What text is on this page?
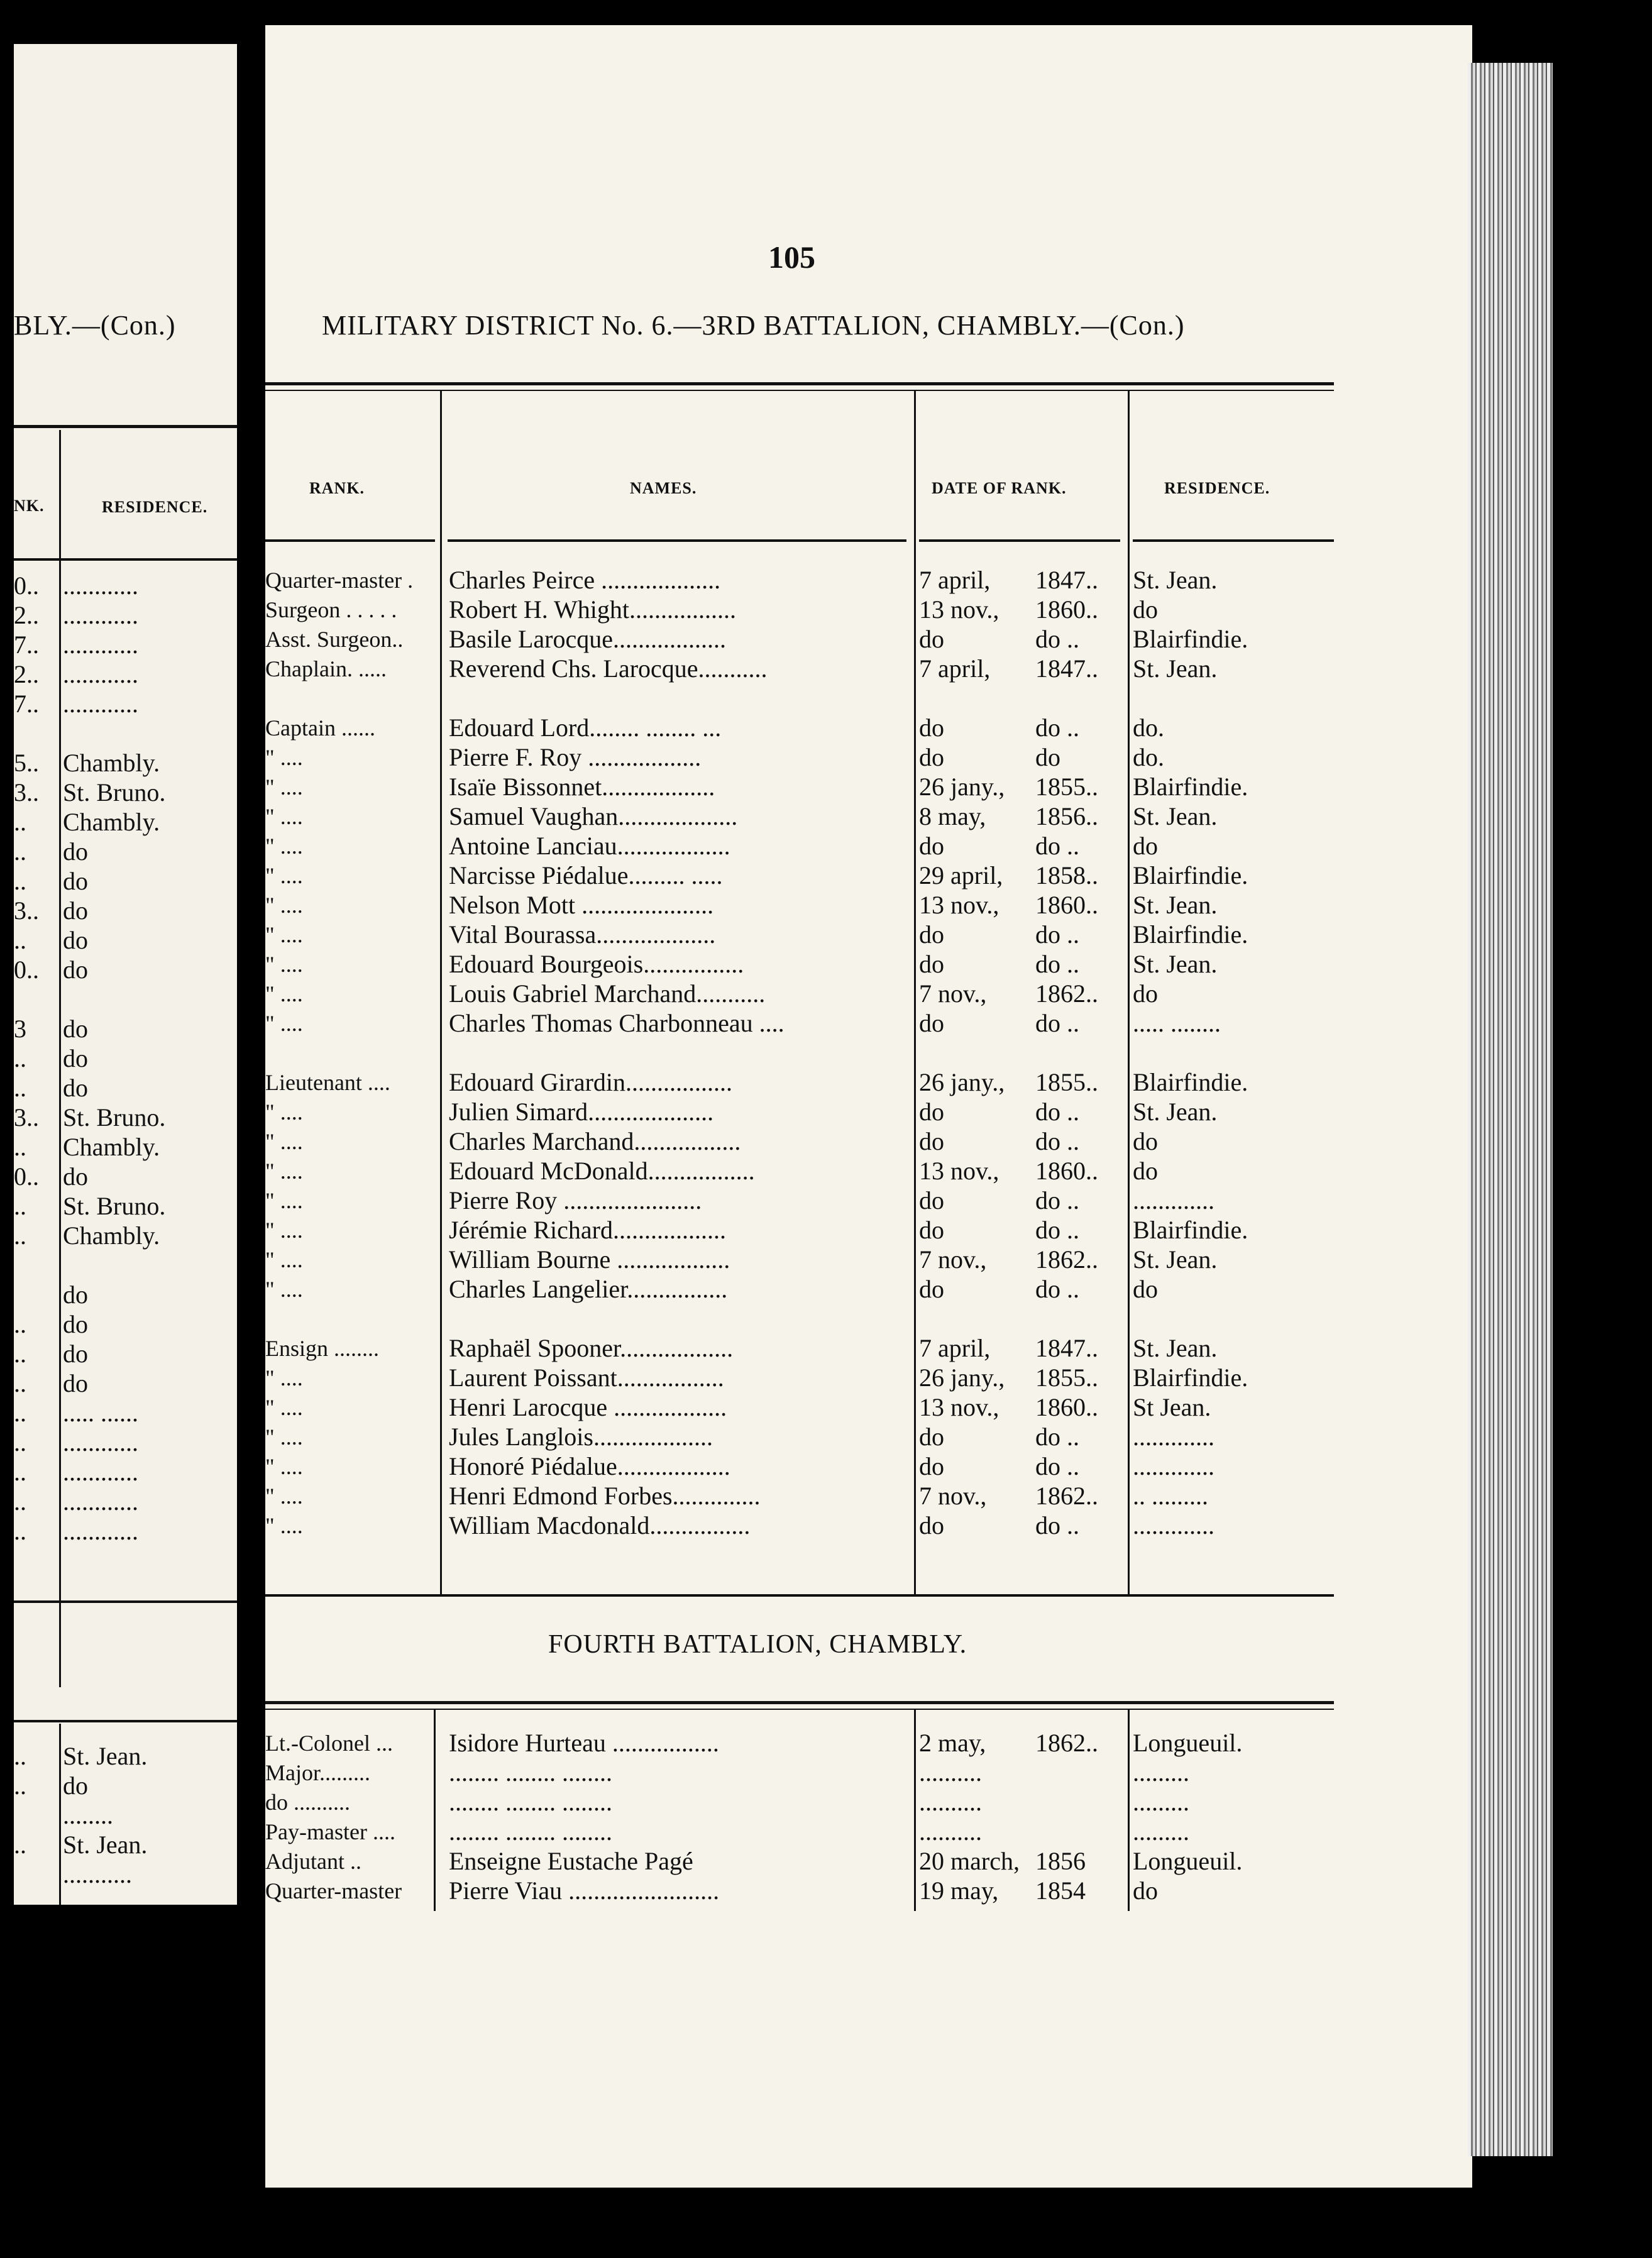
BLY.—(Con.)
NK.	RESIDENCE.
0.. ............
2.. ............
7.. ............
2.. ............
7.. ............
5.. Chambly.
3.. St. Bruno.
.. Chambly.
.. do
.. do
3.. do
.. do
0.. do
3 do
.. do
.. do
3.. St. Bruno.
.. Chambly.
0.. do
.. St. Bruno.
.. Chambly.
do
.. do
.. do
.. do
.. ..... ......
.. ............
.. ............
.. ............
.. ............
.. St. Jean.
.. do
........
.. St. Jean.
...........
105
MILITARY DISTRICT No. 6.—3RD BATTALION, CHAMBLY.—(Con.)
RANK.	NAMES.	DATE OF RANK.	RESIDENCE.
Quarter-master . Charles Peirce ...................	7 april, 1847.. St. Jean.
Surgeon . . . . . Robert H. Whight.................	13 nov., 1860.. do
Asst. Surgeon.. Basile Larocque..................	do	do .. Blairfindie.
Chaplain. ..... Reverend Chs. Larocque...........	7 april, 1847.. St. Jean.
Captain ......	Edouard Lord........ ........ ...	do	do .. do.
" ....	Pierre F. Roy ..................	do	do	do.
" ....	Isaïe Bissonnet..................	26 jany., 1855.. Blairfindie.
" ....	Samuel Vaughan...................	8 may, 1856.. St. Jean.
" ....	Antoine Lanciau..................	do	do .. do
" ....	Narcisse Piédalue......... .....	29 april, 1858.. Blairfindie.
" ....	Nelson Mott .....................	13 nov., 1860.. St. Jean.
" ....	Vital Bourassa...................	do	do .. Blairfindie.
" ....	Edouard Bourgeois................	do	do .. St. Jean.
" ....	Louis Gabriel Marchand...........	7 nov., 1862.. do
" ....	Charles Thomas Charbonneau ....	do	do .. ..... ........
Lieutenant .... Edouard Girardin.................	26 jany., 1855.. Blairfindie.
" ....	Julien Simard....................	do	do .. St. Jean.
" ....	Charles Marchand.................	do	do .. do
" ....	Edouard McDonald.................	13 nov., 1860.. do
" ....	Pierre Roy ......................	do	do .. .............
" ....	Jérémie Richard..................	do	do .. Blairfindie.
" ....	William Bourne ..................	7 nov., 1862.. St. Jean.
" ....	Charles Langelier................	do	do .. do
Ensign ........	Raphaël Spooner..................	7 april, 1847.. St. Jean.
" ....	Laurent Poissant.................	26 jany., 1855.. Blairfindie.
" ....	Henri Larocque ..................	13 nov., 1860.. St Jean.
" ....	Jules Langlois...................	do	do .. .............
" ....	Honoré Piédalue..................	do	do .. .............
" ....	Henri Edmond Forbes..............	7 nov., 1862.. .. .........
" ....	William Macdonald................	do	do .. .............
FOURTH BATTALION, CHAMBLY.
Lt.-Colonel ... Isidore Hurteau .................	2 may, 1862.. Longueuil.
Major.........	........ ........ ........	..........	.........
do ..........	........ ........ ........	..........	.........
Pay-master .... ........ ........ ........	..........	.........
Adjutant ..	Enseigne Eustache Pagé	20 march, 1856 Longueuil.
Quarter-master Pierre Viau ........................	19 may, 1854 do
